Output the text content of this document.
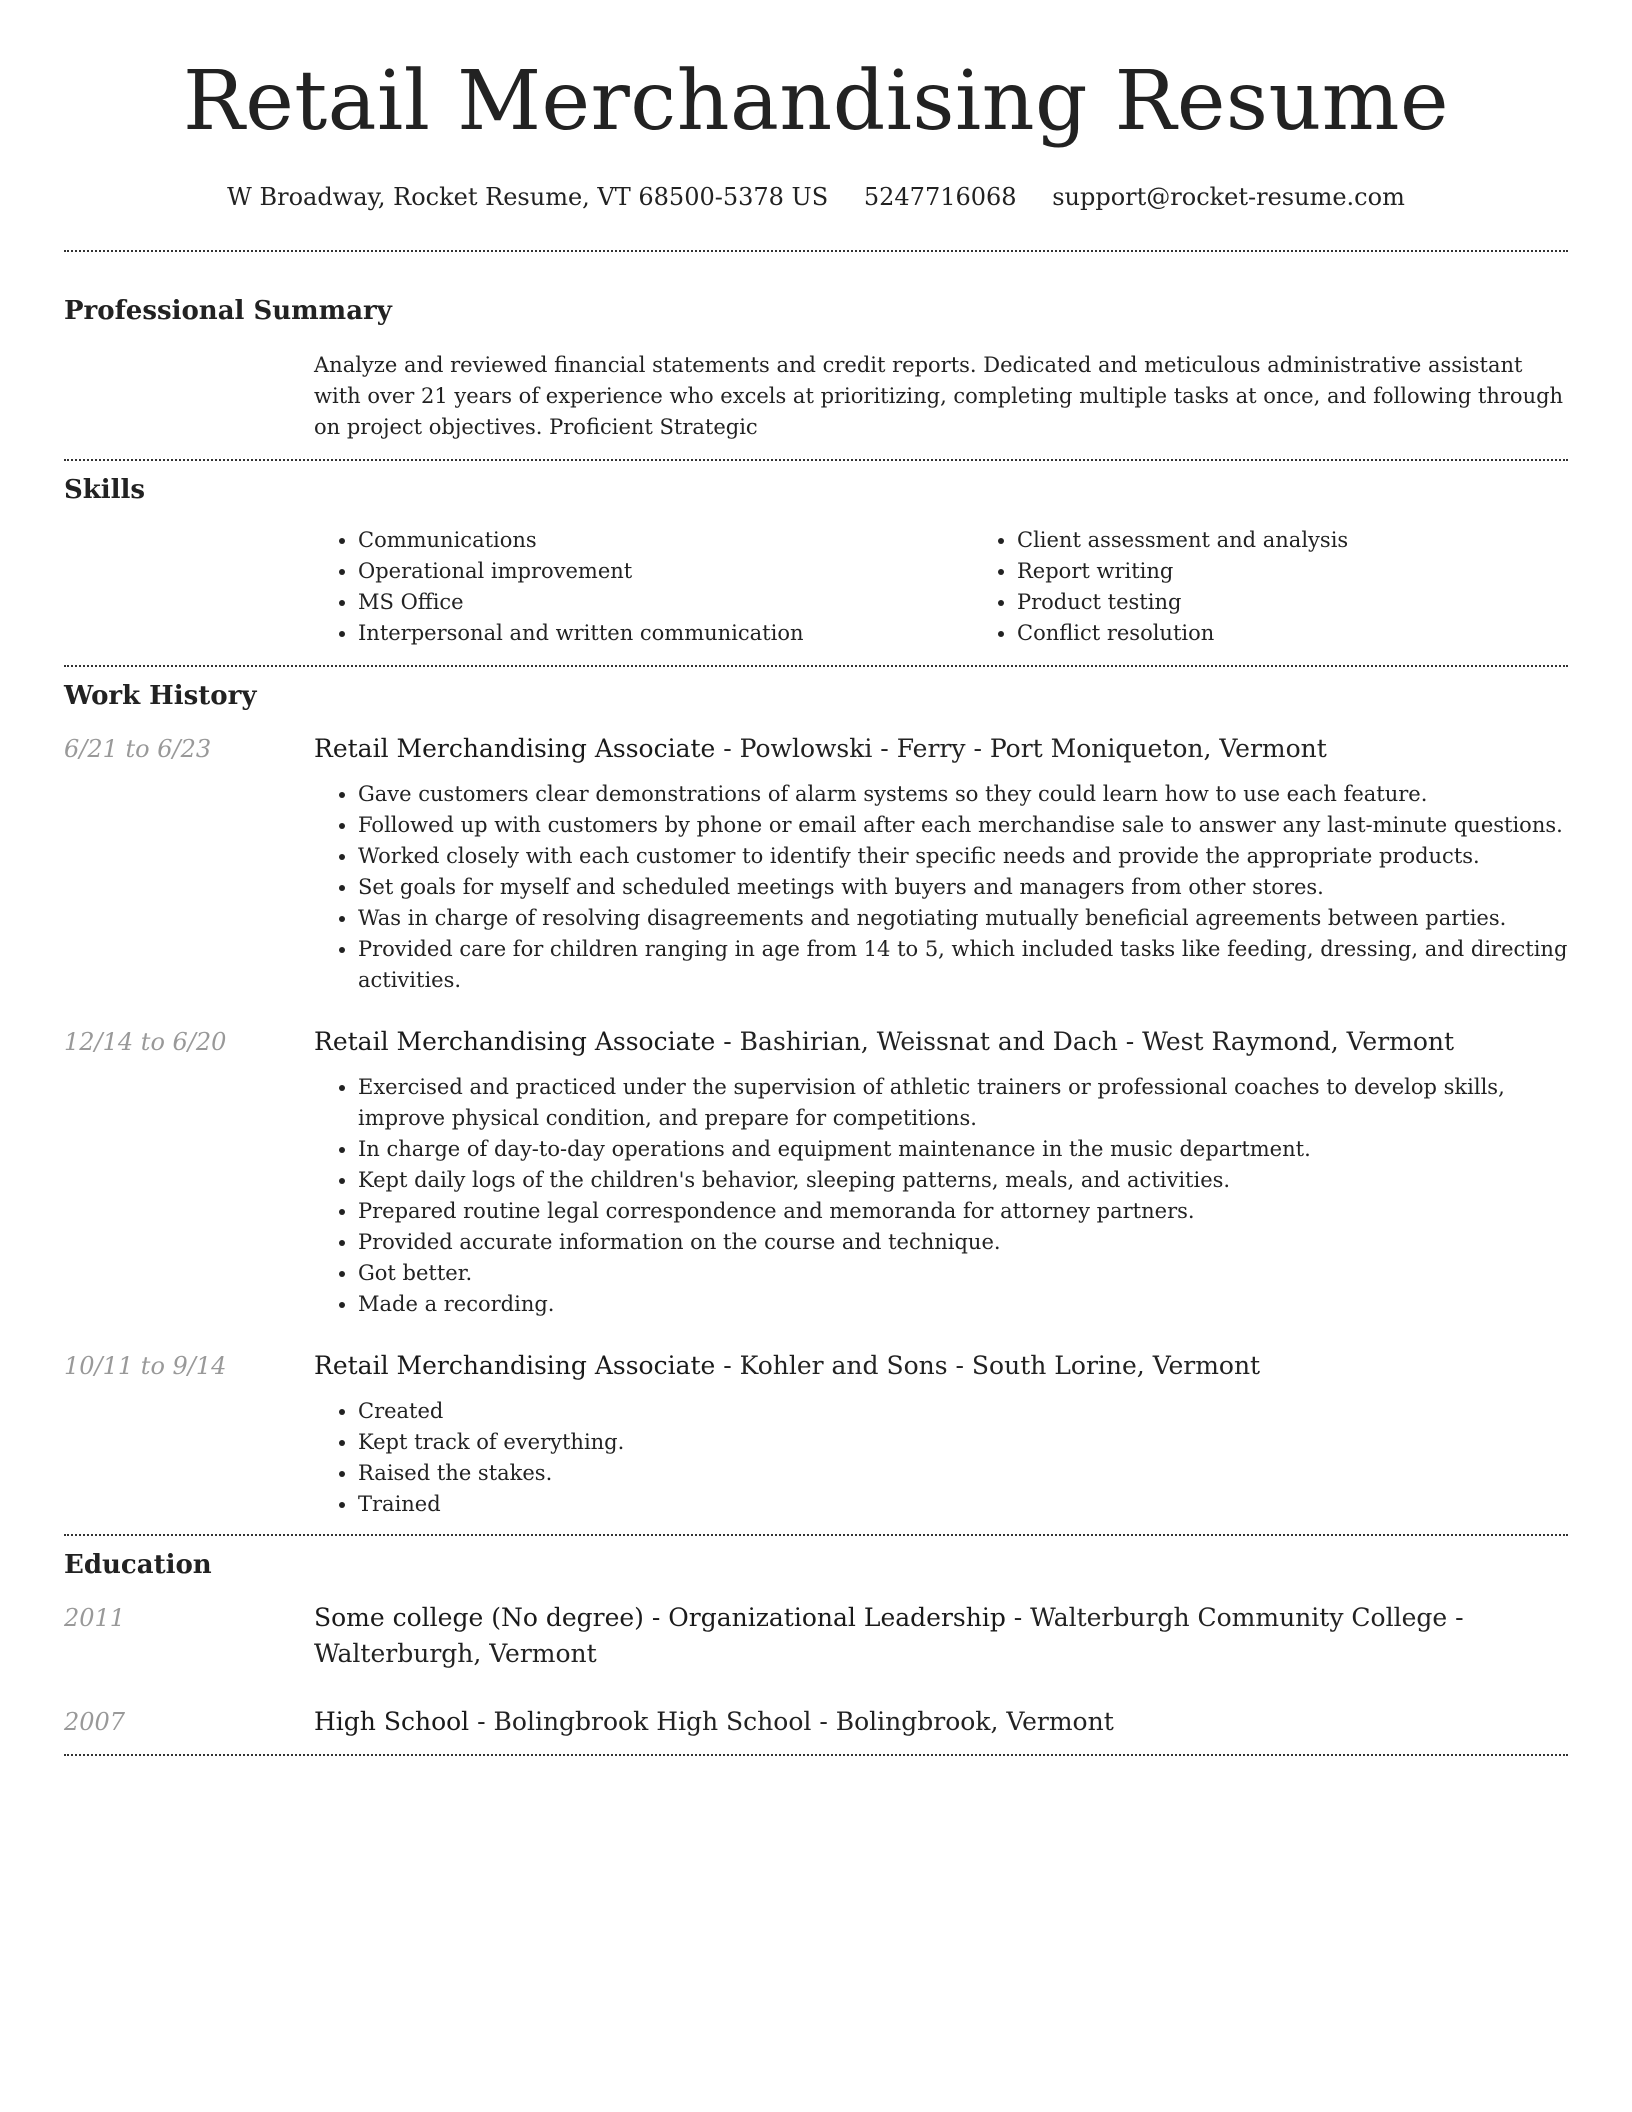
Retail Merchandising Resume
W Broadway, Rocket Resume, VT 68500-5378 US 5247716068 support@rocket-resume.com
Professional Summary

Analyze and reviewed financial statements and credit reports. Dedicated and meticulous administrative assistant with over 21 years of experience who excels at prioritizing, completing multiple tasks at once, and following through on project objectives. Proficient Strategic

Skills
• Communications
• Operational improvement
• MS Office
• Interpersonal and written communication
• Client assessment and analysis
• Report writing
• Product testing
• Conflict resolution
Work History
6/21 to 6/23	Retail Merchandising Associate - Powlowski - Ferry - Port Moniqueton, Vermont

• Gave customers clear demonstrations of alarm systems so they could learn how to use each feature.
• Followed up with customers by phone or email after each merchandise sale to answer any last-minute questions.
• Worked closely with each customer to identify their specific needs and provide the appropriate products.
• Set goals for myself and scheduled meetings with buyers and managers from other stores.
• Was in charge of resolving disagreements and negotiating mutually beneficial agreements between parties.
• Provided care for children ranging in age from 14 to 5, which included tasks like feeding, dressing, and directing activities.
12/14 to 6/20	Retail Merchandising Associate - Bashirian, Weissnat and Dach - West Raymond, Vermont

• Exercised and practiced under the supervision of athletic trainers or professional coaches to develop skills, improve physical condition, and prepare for competitions.
• In charge of day-to-day operations and equipment maintenance in the music department.
• Kept daily logs of the children's behavior, sleeping patterns, meals, and activities.
• Prepared routine legal correspondence and memoranda for attorney partners.
• Provided accurate information on the course and technique.
• Got better.
• Made a recording.
10/11 to 9/14	Retail Merchandising Associate - Kohler and Sons - South Lorine, Vermont

• Created
• Kept track of everything.
• Raised the stakes.
• Trained
Education
2011	Some college (No degree) - Organizational Leadership - Walterburgh Community College - Walterburgh, Vermont

2007	High School - Bolingbrook High School - Bolingbrook, Vermont
